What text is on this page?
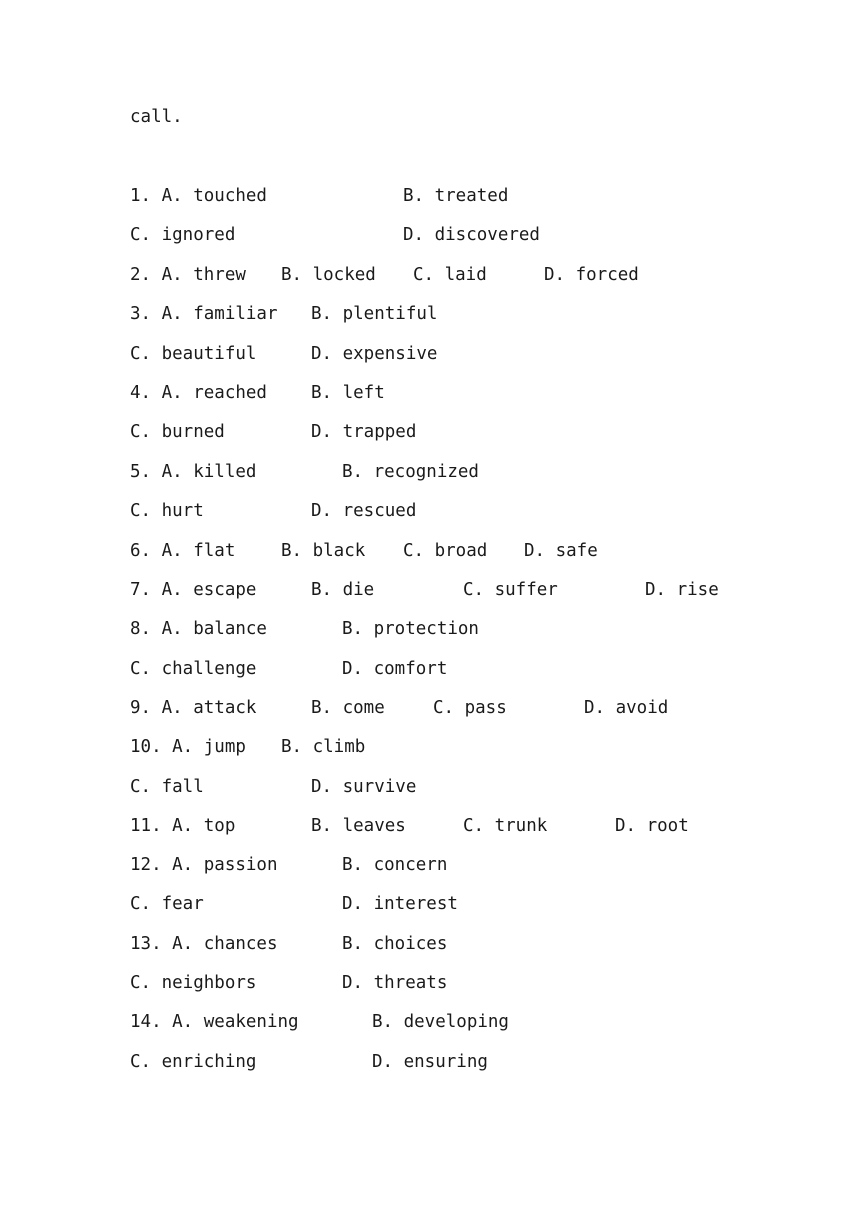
call.
1. A. touched	B. treated
C. ignored	D. discovered
2. A. threw B. locked C. laid	D. forced
3. A. familiar B. plentiful
C. beautiful	D. expensive
4. A. reached	B. left
C. burned	D. trapped
5. A. killed	B. recognized
C. hurt	D. rescued
6. A. flat	B. black C. broad D. safe
7. A. escape	B. die	C. suffer	D. rise
8. A. balance	B. protection
C. challenge	D. comfort
9. A. attack	B. come	C. pass	D. avoid
10. A. jump B. climb
C. fall	D. survive
11. A. top	B. leaves	C. trunk	D. root
12. A. passion	B. concern
C. fear	D. interest
13. A. chances	B. choices
C. neighbors	D. threats
14. A. weakening	B. developing
C. enriching	D. ensuring
